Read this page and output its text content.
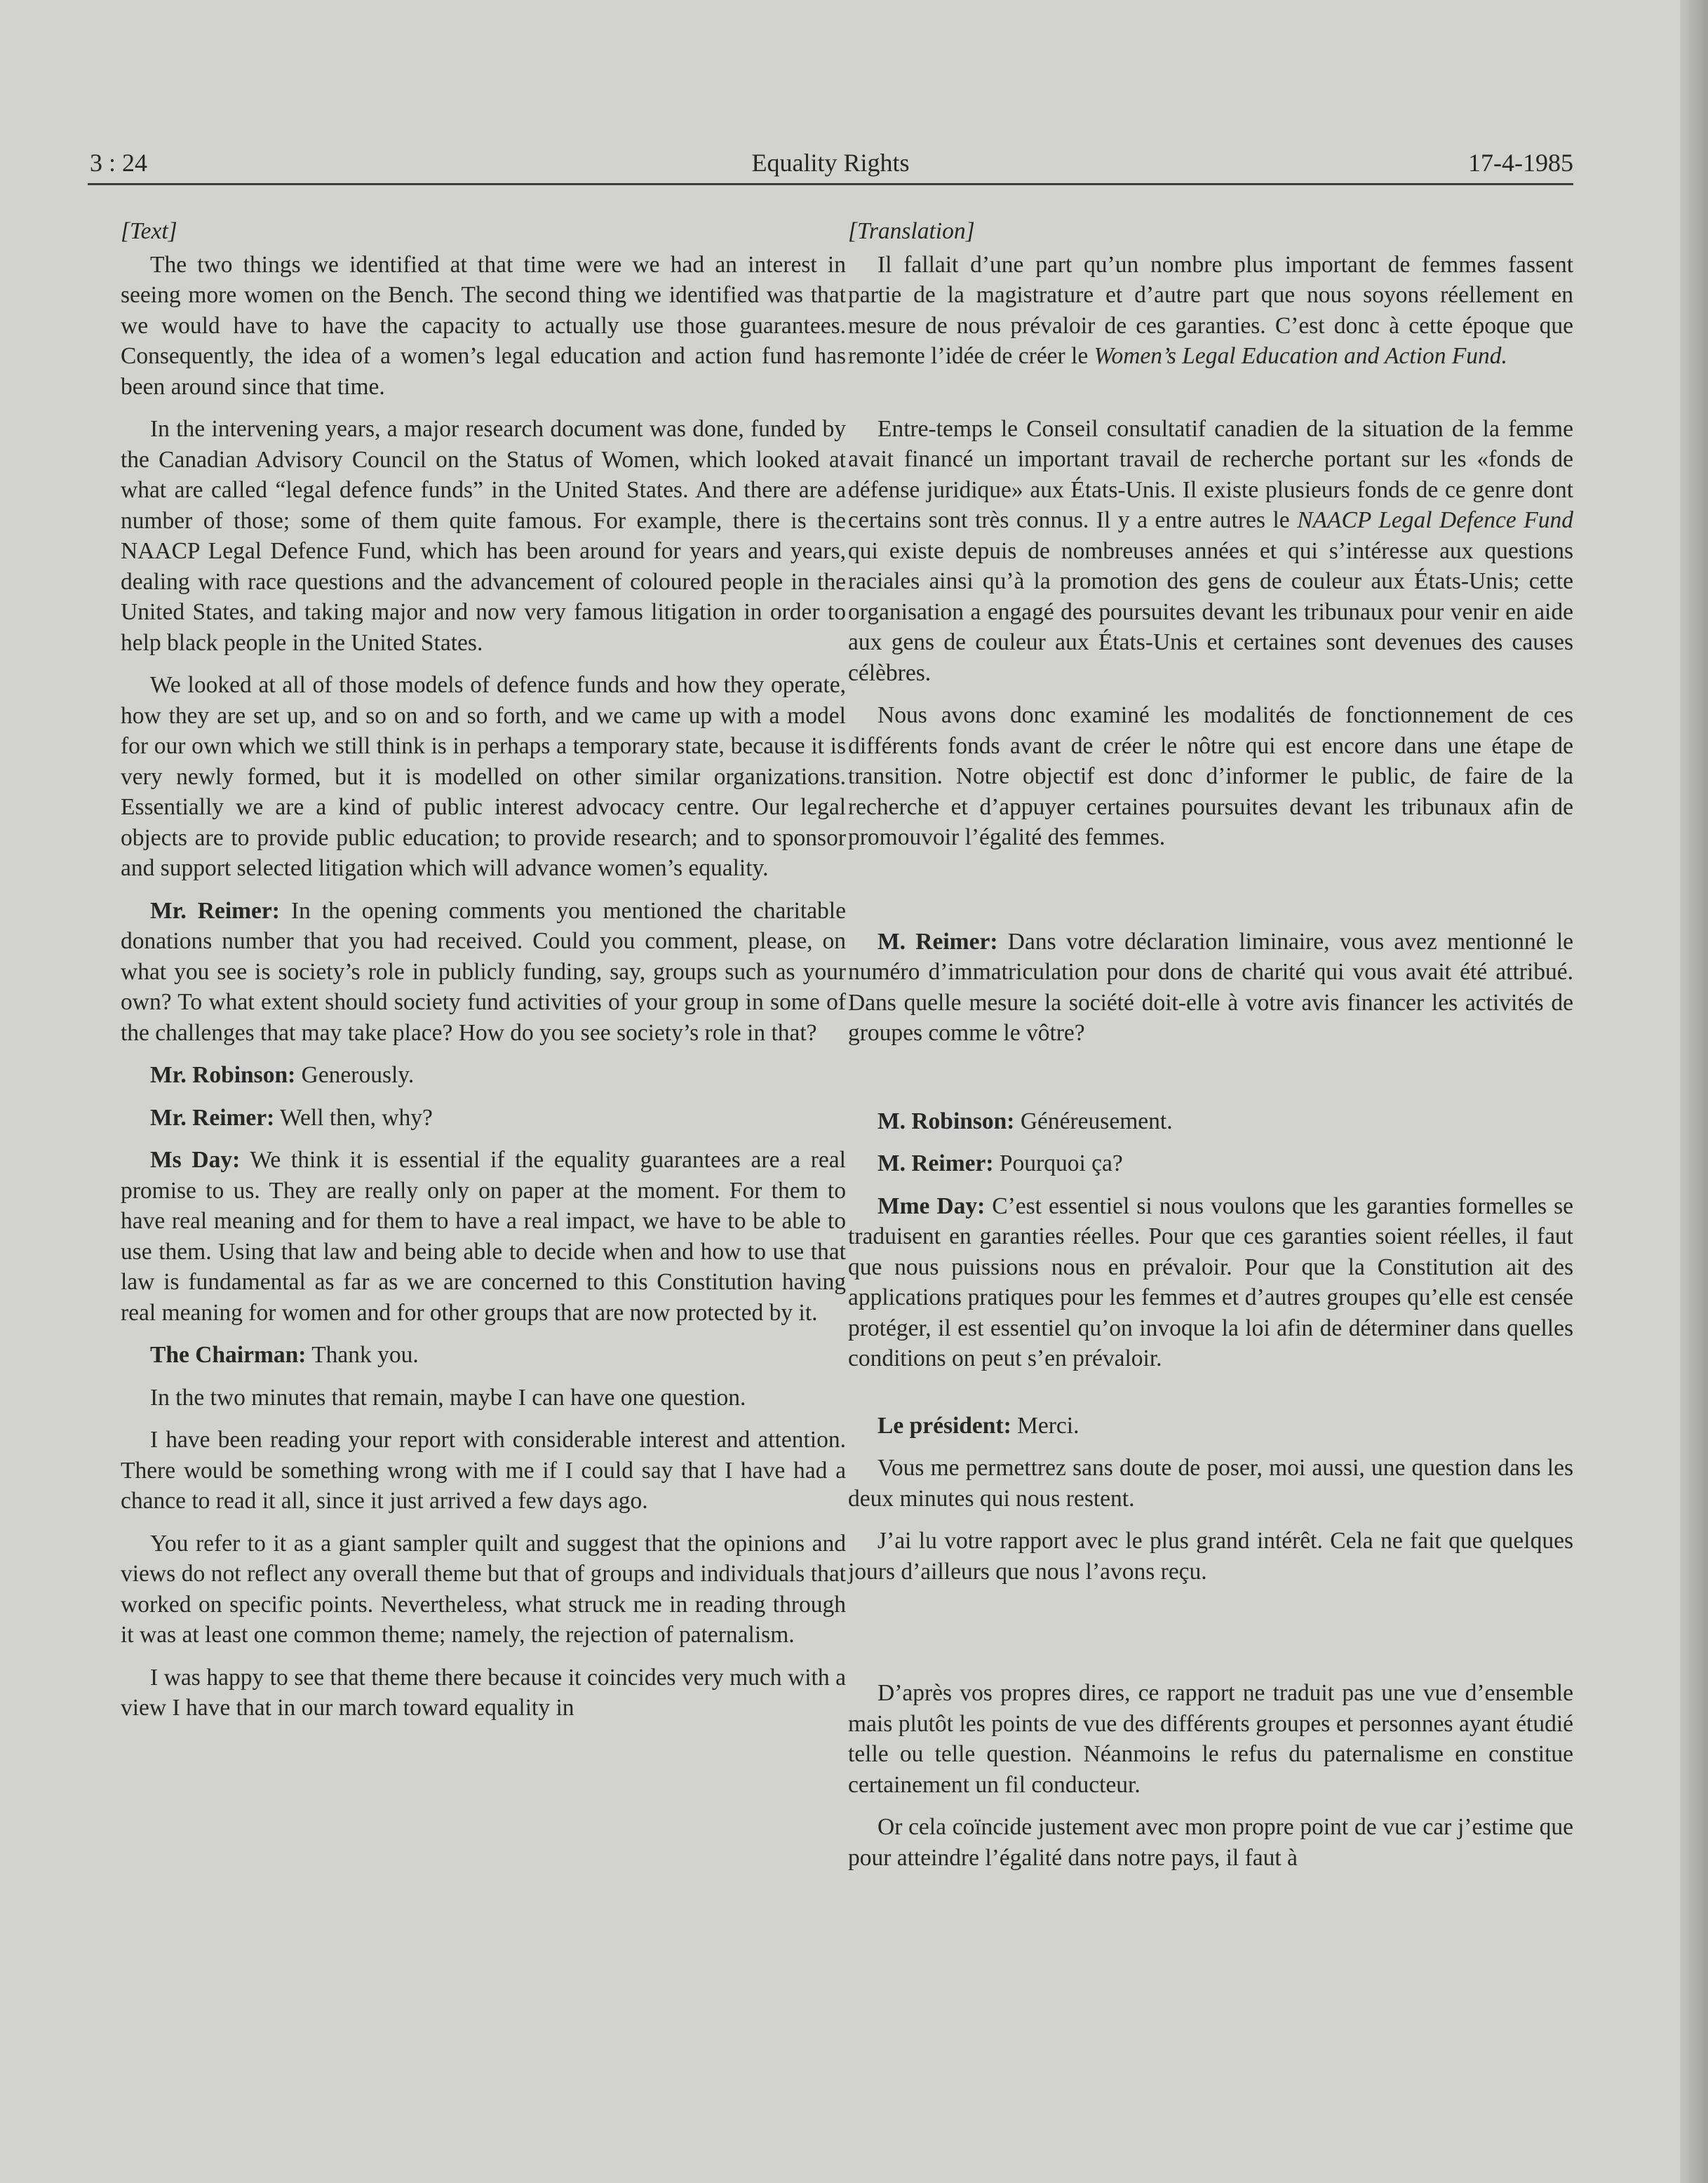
3 : 24	Equality Rights	17-4-1985

[Text]

The two things we identified at that time were we had an interest in seeing more women on the Bench. The second thing we identified was that we would have to have the capacity to actually use those guarantees. Consequently, the idea of a women’s legal education and action fund has been around since that time.

In the intervening years, a major research document was done, funded by the Canadian Advisory Council on the Status of Women, which looked at what are called “legal defence funds” in the United States. And there are a number of those; some of them quite famous. For example, there is the NAACP Legal Defence Fund, which has been around for years and years, dealing with race questions and the advancement of coloured people in the United States, and taking major and now very famous litigation in order to help black people in the United States.

We looked at all of those models of defence funds and how they operate, how they are set up, and so on and so forth, and we came up with a model for our own which we still think is in perhaps a temporary state, because it is very newly formed, but it is modelled on other similar organizations. Essentially we are a kind of public interest advocacy centre. Our legal objects are to provide public education; to provide research; and to sponsor and support selected litigation which will advance women’s equality.

Mr. Reimer: In the opening comments you mentioned the charitable donations number that you had received. Could you comment, please, on what you see is society’s role in publicly funding, say, groups such as your own? To what extent should society fund activities of your group in some of the challenges that may take place? How do you see society’s role in that?

Mr. Robinson: Generously.

Mr. Reimer: Well then, why?

Ms Day: We think it is essential if the equality guarantees are a real promise to us. They are really only on paper at the moment. For them to have real meaning and for them to have a real impact, we have to be able to use them. Using that law and being able to decide when and how to use that law is fundamental as far as we are concerned to this Constitution having real meaning for women and for other groups that are now protected by it.

The Chairman: Thank you.

In the two minutes that remain, maybe I can have one question.

I have been reading your report with considerable interest and attention. There would be something wrong with me if I could say that I have had a chance to read it all, since it just arrived a few days ago.

You refer to it as a giant sampler quilt and suggest that the opinions and views do not reflect any overall theme but that of groups and individuals that worked on specific points. Nevertheless, what struck me in reading through it was at least one common theme; namely, the rejection of paternalism.

I was happy to see that theme there because it coincides very much with a view I have that in our march toward equality in

[Translation]

Il fallait d’une part qu’un nombre plus important de femmes fassent partie de la magistrature et d’autre part que nous soyons réellement en mesure de nous prévaloir de ces garanties. C’est donc à cette époque que remonte l’idée de créer le Women’s Legal Education and Action Fund.

Entre-temps le Conseil consultatif canadien de la situation de la femme avait financé un important travail de recherche portant sur les «fonds de défense juridique» aux États-Unis. Il existe plusieurs fonds de ce genre dont certains sont très connus. Il y a entre autres le NAACP Legal Defence Fund qui existe depuis de nombreuses années et qui s’intéresse aux questions raciales ainsi qu’à la promotion des gens de couleur aux États-Unis; cette organisation a engagé des poursuites devant les tribunaux pour venir en aide aux gens de couleur aux États-Unis et certaines sont devenues des causes célèbres.

Nous avons donc examiné les modalités de fonctionnement de ces différents fonds avant de créer le nôtre qui est encore dans une étape de transition. Notre objectif est donc d’informer le public, de faire de la recherche et d’appuyer certaines poursuites devant les tribunaux afin de promouvoir l’égalité des femmes.

M. Reimer: Dans votre déclaration liminaire, vous avez mentionné le numéro d’immatriculation pour dons de charité qui vous avait été attribué. Dans quelle mesure la société doit-elle à votre avis financer les activités de groupes comme le vôtre?

M. Robinson: Généreusement.

M. Reimer: Pourquoi ça?

Mme Day: C’est essentiel si nous voulons que les garanties formelles se traduisent en garanties réelles. Pour que ces garanties soient réelles, il faut que nous puissions nous en prévaloir. Pour que la Constitution ait des applications pratiques pour les femmes et d’autres groupes qu’elle est censée protéger, il est essentiel qu’on invoque la loi afin de déterminer dans quelles conditions on peut s’en prévaloir.

Le président: Merci.

Vous me permettrez sans doute de poser, moi aussi, une question dans les deux minutes qui nous restent.

J’ai lu votre rapport avec le plus grand intérêt. Cela ne fait que quelques jours d’ailleurs que nous l’avons reçu.

D’après vos propres dires, ce rapport ne traduit pas une vue d’ensemble mais plutôt les points de vue des différents groupes et personnes ayant étudié telle ou telle question. Néanmoins le refus du paternalisme en constitue certainement un fil conducteur.

Or cela coïncide justement avec mon propre point de vue car j’estime que pour atteindre l’égalité dans notre pays, il faut à
